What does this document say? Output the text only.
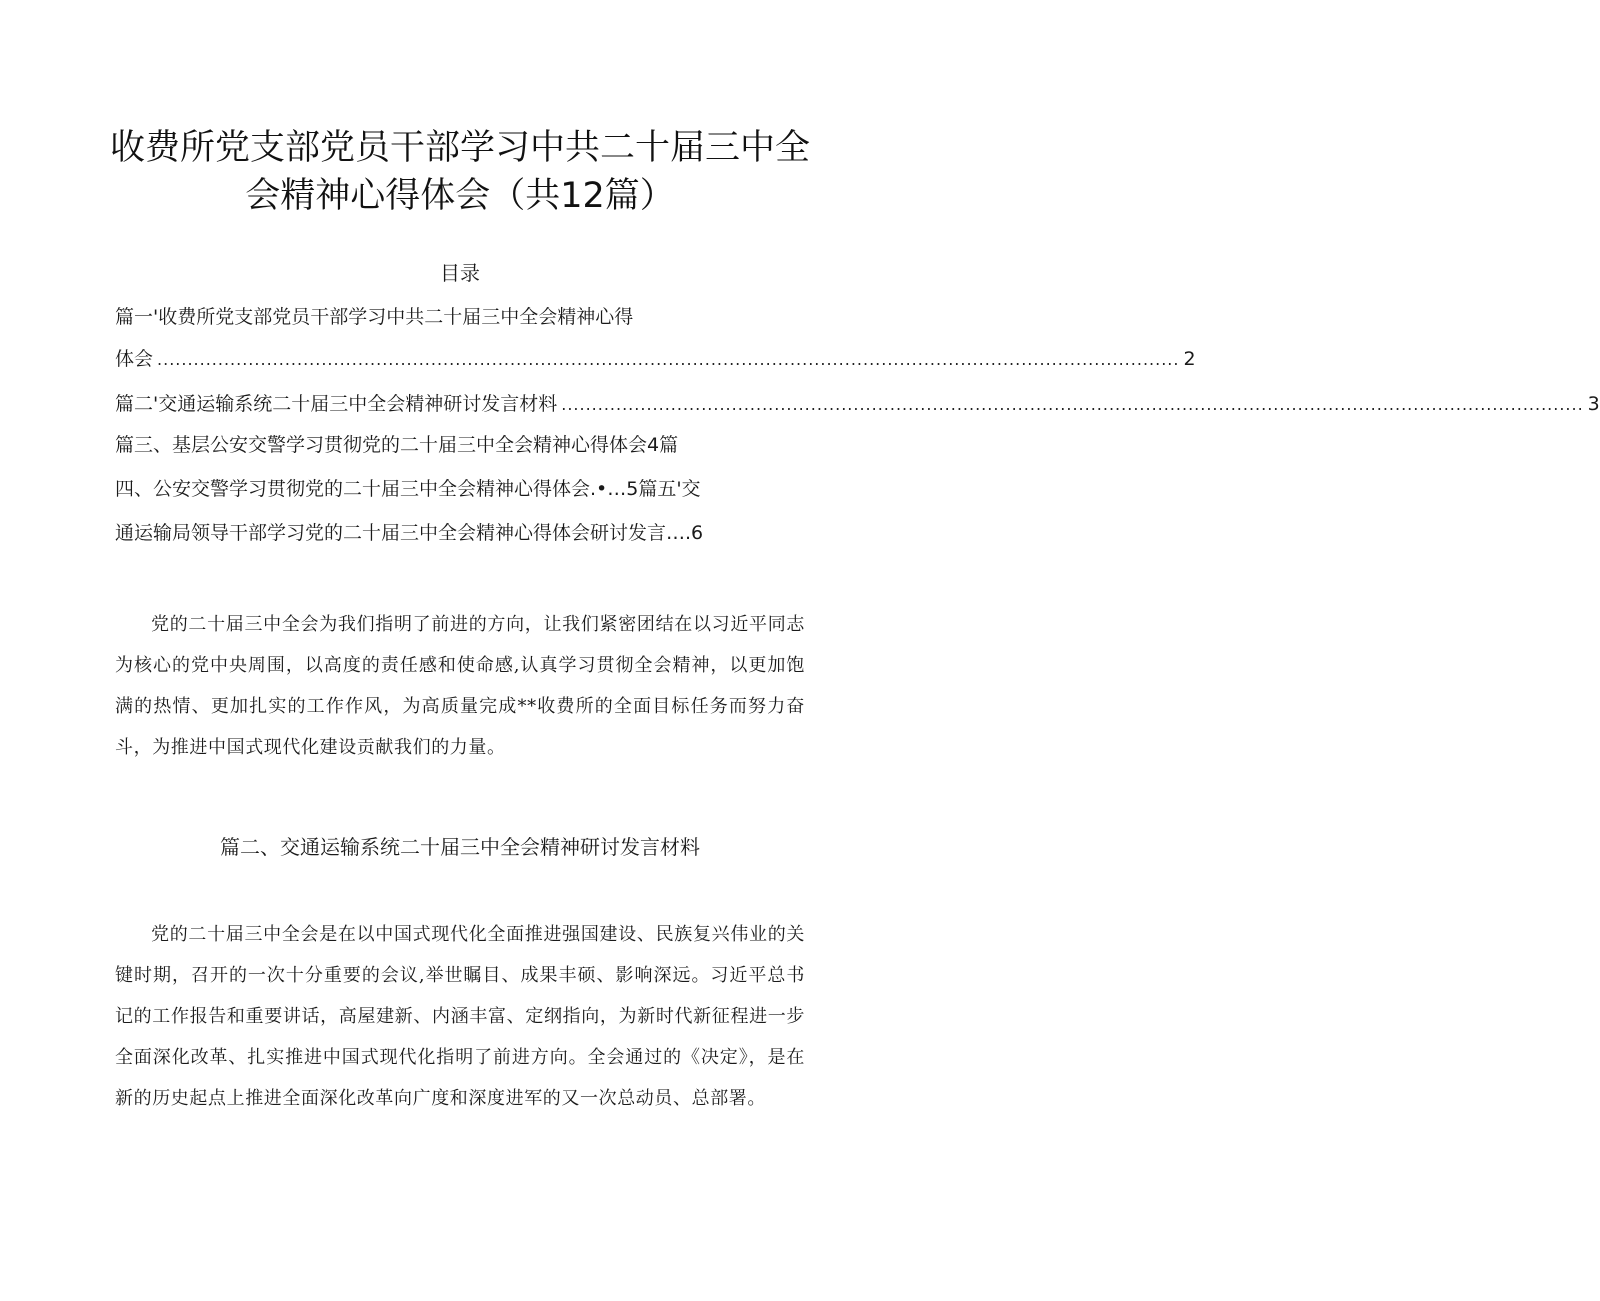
收费所党支部党员干部学习中共二十届三中全
会精神心得体会（共12篇）
目录
篇一'收费所党支部党员干部学习中共二十届三中全会精神心得
体会 ........................................................................................................................................................................ 2
篇二'交通运输系统二十届三中全会精神研讨发言材料 ........................................................................................................................................................................ 3
篇三、基层公安交警学习贯彻党的二十届三中全会精神心得体会4篇
四、公安交警学习贯彻党的二十届三中全会精神心得体会.•…5篇五'交
通运输局领导干部学习党的二十届三中全会精神心得体会研讨发言….6

党的二十届三中全会为我们指明了前进的方向，让我们紧密团结在以习近平同志为核心的党中央周围，以高度的责任感和使命感,认真学习贯彻全会精神，以更加饱满的热情、更加扎实的工作作风，为高质量完成**收费所的全面目标任务而努力奋斗，为推进中国式现代化建设贡献我们的力量。

篇二、交通运输系统二十届三中全会精神研讨发言材料

党的二十届三中全会是在以中国式现代化全面推进强国建设、民族复兴伟业的关键时期，召开的一次十分重要的会议,举世瞩目、成果丰硕、影响深远。习近平总书记的工作报告和重要讲话，高屋建新、内涵丰富、定纲指向，为新时代新征程进一步全面深化改革、扎实推进中国式现代化指明了前进方向。全会通过的《决定》，是在新的历史起点上推进全面深化改革向广度和深度进军的又一次总动员、总部署。
